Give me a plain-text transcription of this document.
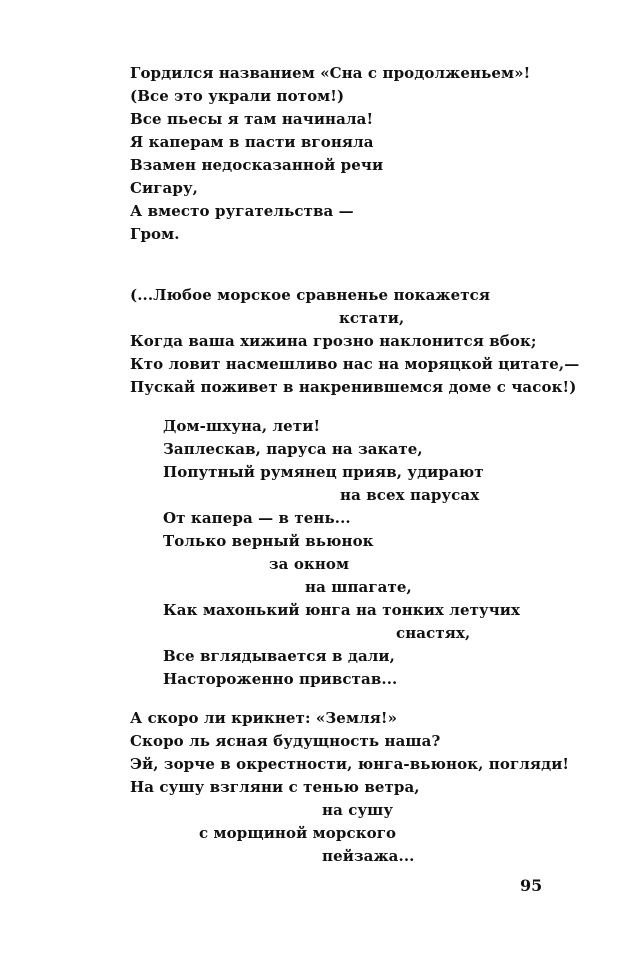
Гордился названием «Сна с продолженьем»!
(Все это украли потом!)
Все пьесы я там начинала!
Я каперам в пасти вгоняла
Взамен недосказанной речи
Сигару,
А вместо ругательства —
Гром.
(...Любое морское сравненье покажется
кстати,
Когда ваша хижина грозно наклонится вбок;
Кто ловит насмешливо нас на моряцкой цитате,—
Пускай поживет в накренившемся доме с часок!)
Дом-шхуна, лети!
Заплескав, паруса на закате,
Попутный румянец прияв, удирают
на всех парусах
От капера — в тень...
Только верный вьюнок
за окном
на шпагате,
Как махонький юнга на тонких летучих
снастях,
Все вглядывается в дали,
Настороженно привстав...
А скоро ли крикнет: «Земля!»
Скоро ль ясная будущность наша?
Эй, зорче в окрестности, юнга-вьюнок, погляди!
На сушу взгляни с тенью ветра,
на сушу
с морщиной морского
пейзажа...
95
